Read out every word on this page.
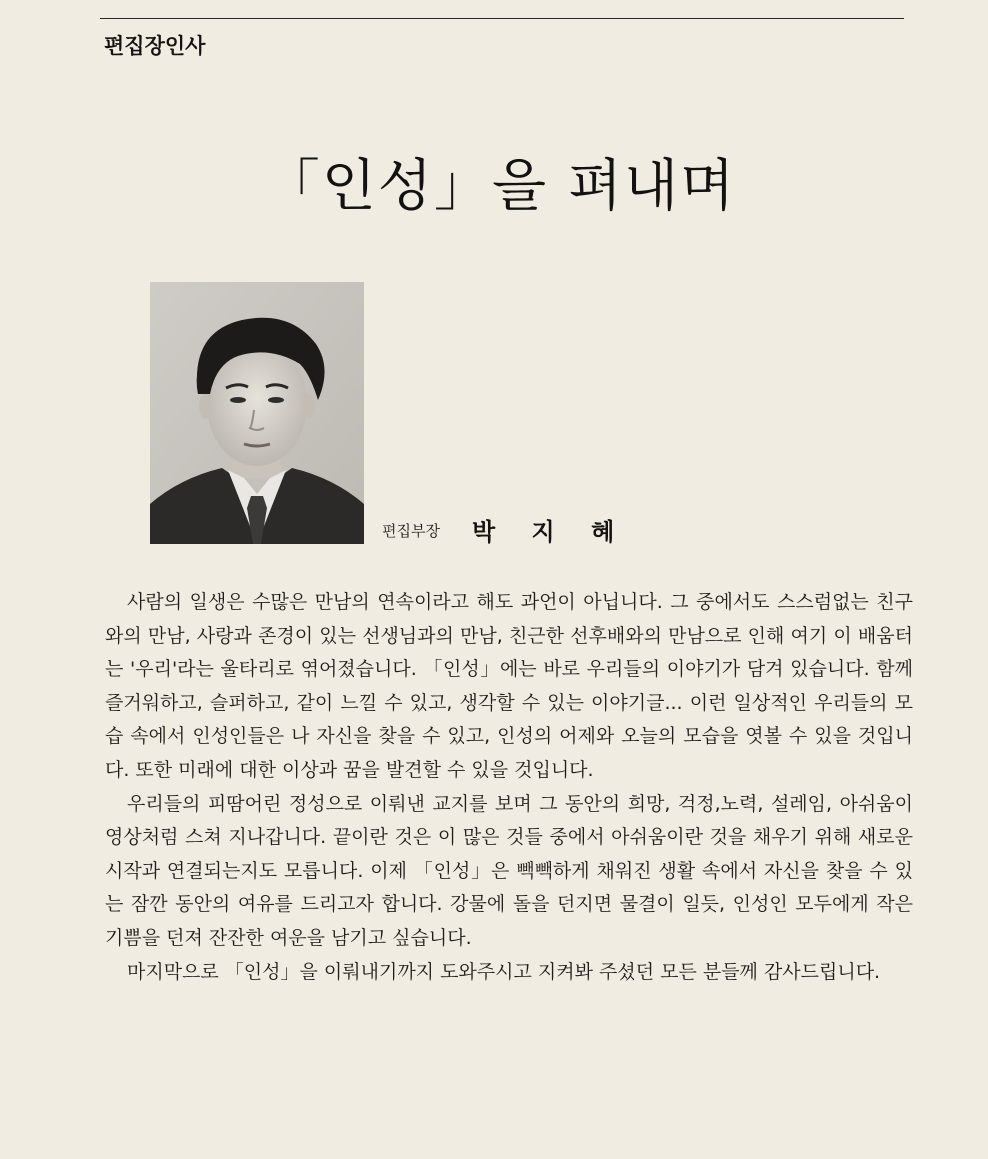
편집장인사
「인성」을 펴내며
편집부장 박 지 혜

사람의 일생은 수많은 만남의 연속이라고 해도 과언이 아닙니다. 그 중에서도 스스럼없는 친구와의 만남, 사랑과 존경이 있는 선생님과의 만남, 친근한 선후배와의 만남으로 인해 여기 이 배움터는 '우리'라는 울타리로 엮어졌습니다. 「인성」에는 바로 우리들의 이야기가 담겨 있습니다. 함께 즐거워하고, 슬퍼하고, 같이 느낄 수 있고, 생각할 수 있는 이야기글... 이런 일상적인 우리들의 모습 속에서 인성인들은 나 자신을 찾을 수 있고, 인성의 어제와 오늘의 모습을 엿볼 수 있을 것입니다. 또한 미래에 대한 이상과 꿈을 발견할 수 있을 것입니다.

우리들의 피땀어린 정성으로 이뤄낸 교지를 보며 그 동안의 희망, 걱정,노력, 설레임, 아쉬움이 영상처럼 스쳐 지나갑니다. 끝이란 것은 이 많은 것들 중에서 아쉬움이란 것을 채우기 위해 새로운 시작과 연결되는지도 모릅니다. 이제 「인성」은 빽빽하게 채워진 생활 속에서 자신을 찾을 수 있는 잠깐 동안의 여유를 드리고자 합니다. 강물에 돌을 던지면 물결이 일듯, 인성인 모두에게 작은 기쁨을 던져 잔잔한 여운을 남기고 싶습니다.

마지막으로 「인성」을 이뤄내기까지 도와주시고 지켜봐 주셨던 모든 분들께 감사드립니다.
